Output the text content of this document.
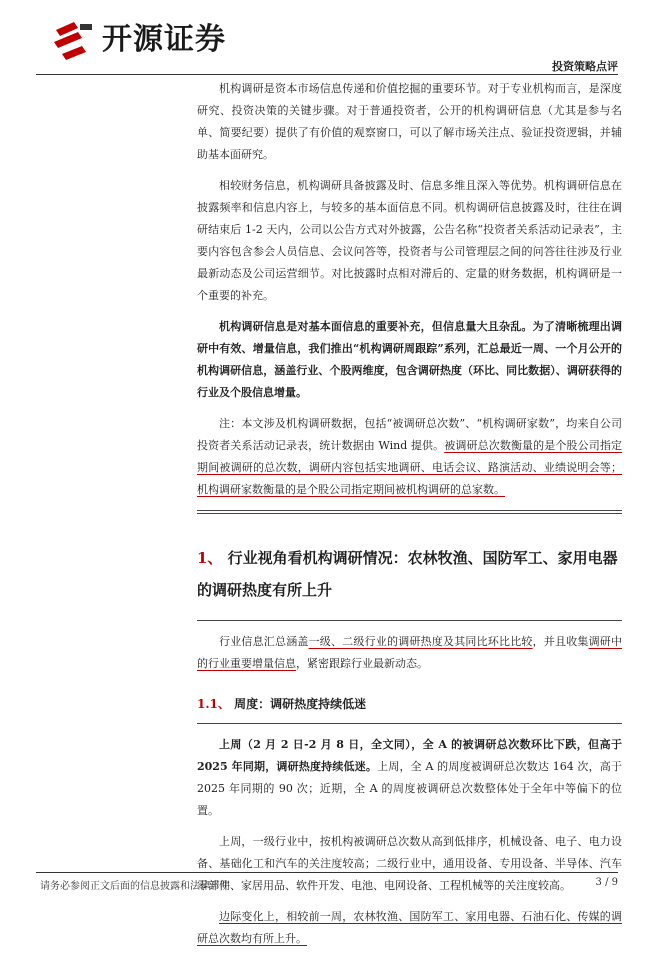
开源证券
投资策略点评

机构调研是资本市场信息传递和价值挖掘的重要环节。对于专业机构而言，是深度研究、投资决策的关键步骤。对于普通投资者，公开的机构调研信息（尤其是参与名单、简要纪要）提供了有价值的观察窗口，可以了解市场关注点、验证投资逻辑，并辅助基本面研究。

相较财务信息，机构调研具备披露及时、信息多维且深入等优势。机构调研信息在披露频率和信息内容上，与较多的基本面信息不同。机构调研信息披露及时，往往在调研结束后 1-2 天内，公司以公告方式对外披露，公告名称“投资者关系活动记录表”，主要内容包含参会人员信息、会议问答等，投资者与公司管理层之间的问答往往涉及行业最新动态及公司运营细节。对比披露时点相对滞后的、定量的财务数据，机构调研是一个重要的补充。

机构调研信息是对基本面信息的重要补充，但信息量大且杂乱。为了清晰梳理出调研中有效、增量信息，我们推出“机构调研周跟踪”系列，汇总最近一周、一个月公开的机构调研信息，涵盖行业、个股两维度，包含调研热度（环比、同比数据）、调研获得的行业及个股信息增量。

注：本文涉及机构调研数据，包括“被调研总次数”、“机构调研家数”，均来自公司投资者关系活动记录表，统计数据由 Wind 提供。被调研总次数衡量的是个股公司指定期间被调研的总次数，调研内容包括实地调研、电话会议、路演活动、业绩说明会等；机构调研家数衡量的是个股公司指定期间被机构调研的总家数。

1、 行业视角看机构调研情况：农林牧渔、国防军工、家用电器的调研热度有所上升

行业信息汇总涵盖一级、二级行业的调研热度及其同比环比比较，并且收集调研中的行业重要增量信息，紧密跟踪行业最新动态。

1.1、 周度：调研热度持续低迷

上周（2 月 2 日-2 月 8 日，全文同），全 A 的被调研总次数环比下跌，但高于 2025 年同期，调研热度持续低迷。上周，全 A 的周度被调研总次数达 164 次，高于 2025 年同期的 90 次；近期，全 A 的周度被调研总次数整体处于全年中等偏下的位置。

上周，一级行业中，按机构被调研总次数从高到低排序，机械设备、电子、电力设备、基础化工和汽车的关注度较高；二级行业中，通用设备、专用设备、半导体、汽车零部件、家居用品、软件开发、电池、电网设备、工程机械等的关注度较高。

边际变化上，相较前一周，农林牧渔、国防军工、家用电器、石油石化、传媒的调研总次数均有所上升。

请务必参阅正文后面的信息披露和法律声明	3 / 9
